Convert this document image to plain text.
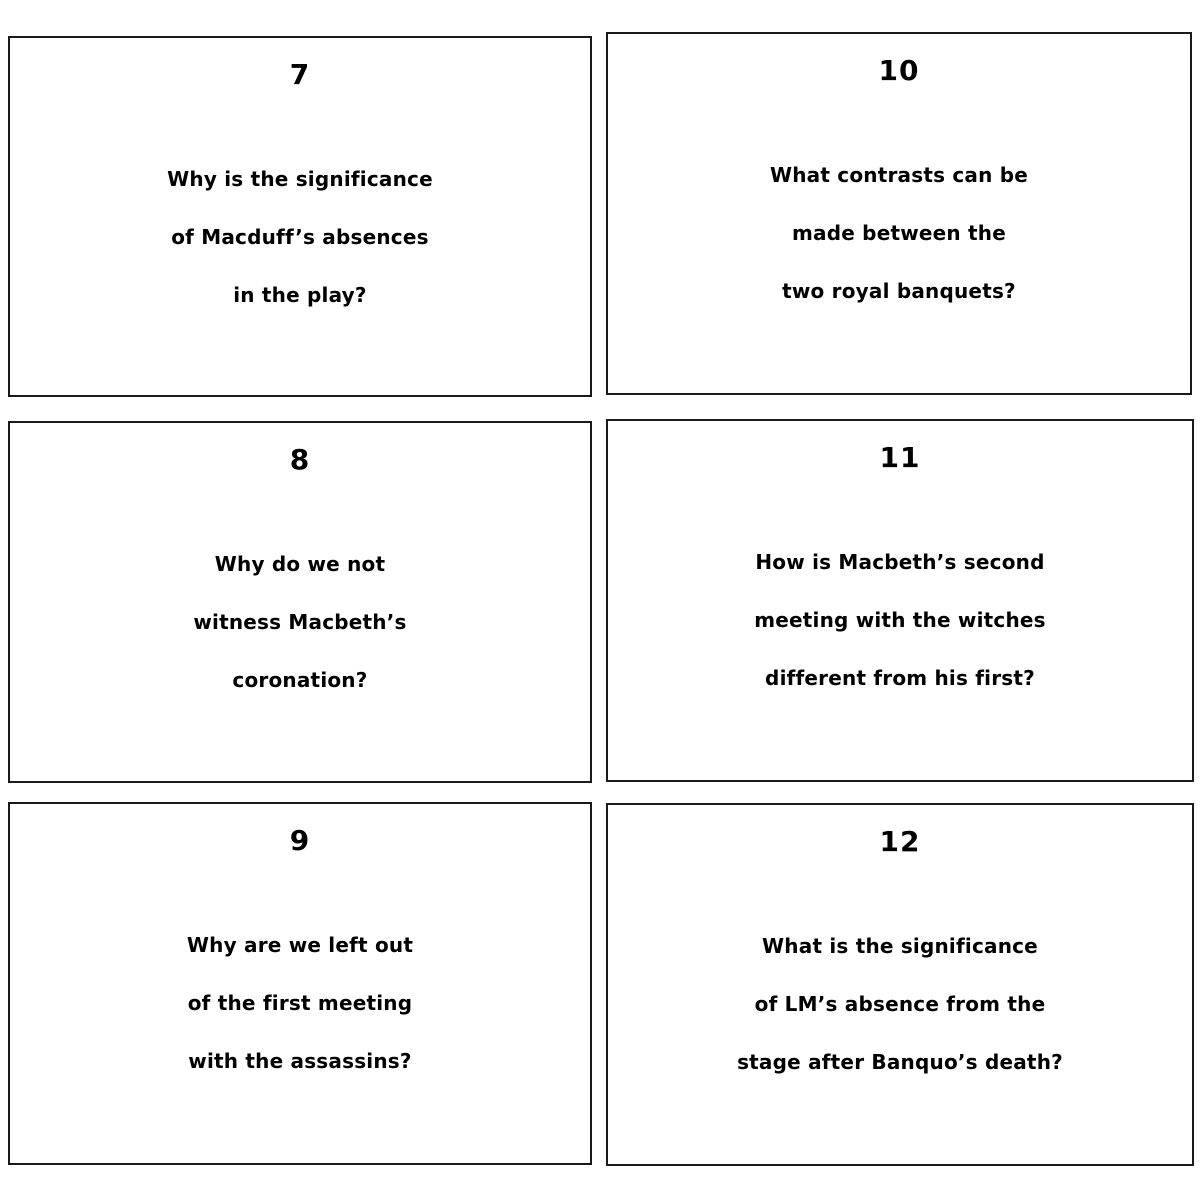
7
Why is the significance
of Macduff’s absences
in the play?
10
What contrasts can be
made between the
two royal banquets?
8
Why do we not
witness Macbeth’s
coronation?
11
How is Macbeth’s second
meeting with the witches
different from his first?
9
Why are we left out
of the first meeting
with the assassins?
12
What is the significance
of LM’s absence from the
stage after Banquo’s death?
